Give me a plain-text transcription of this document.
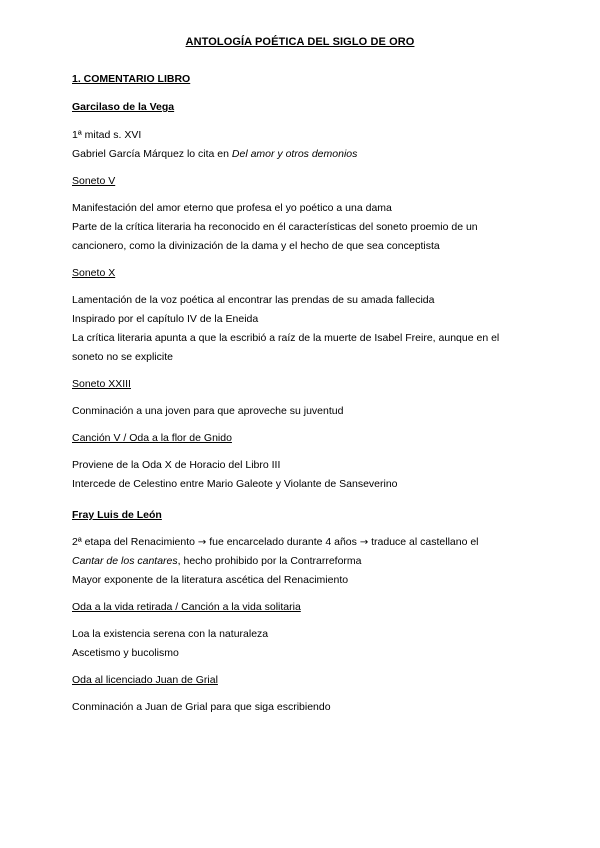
ANTOLOGÍA POÉTICA DEL SIGLO DE ORO

1. COMENTARIO LIBRO

Garcilaso de la Vega

1ª mitad s. XVI

Gabriel García Márquez lo cita en Del amor y otros demonios

Soneto V

Manifestación del amor eterno que profesa el yo poético a una dama

Parte de la crítica literaria ha reconocido en él características del soneto proemio de un

cancionero, como la divinización de la dama y el hecho de que sea conceptista

Soneto X

Lamentación de la voz poética al encontrar las prendas de su amada fallecida

Inspirado por el capítulo IV de la Eneida

La crítica literaria apunta a que la escribió a raíz de la muerte de Isabel Freire, aunque en el

soneto no se explicite

Soneto XXIII

Conminación a una joven para que aproveche su juventud

Canción V / Oda a la flor de Gnido

Proviene de la Oda X de Horacio del Libro III

Intercede de Celestino entre Mario Galeote y Violante de Sanseverino

Fray Luis de León

2ª etapa del Renacimiento → fue encarcelado durante 4 años → traduce al castellano el

Cantar de los cantares, hecho prohibido por la Contrarreforma

Mayor exponente de la literatura ascética del Renacimiento

Oda a la vida retirada / Canción a la vida solitaria

Loa la existencia serena con la naturaleza

Ascetismo y bucolismo

Oda al licenciado Juan de Grial

Conminación a Juan de Grial para que siga escribiendo
